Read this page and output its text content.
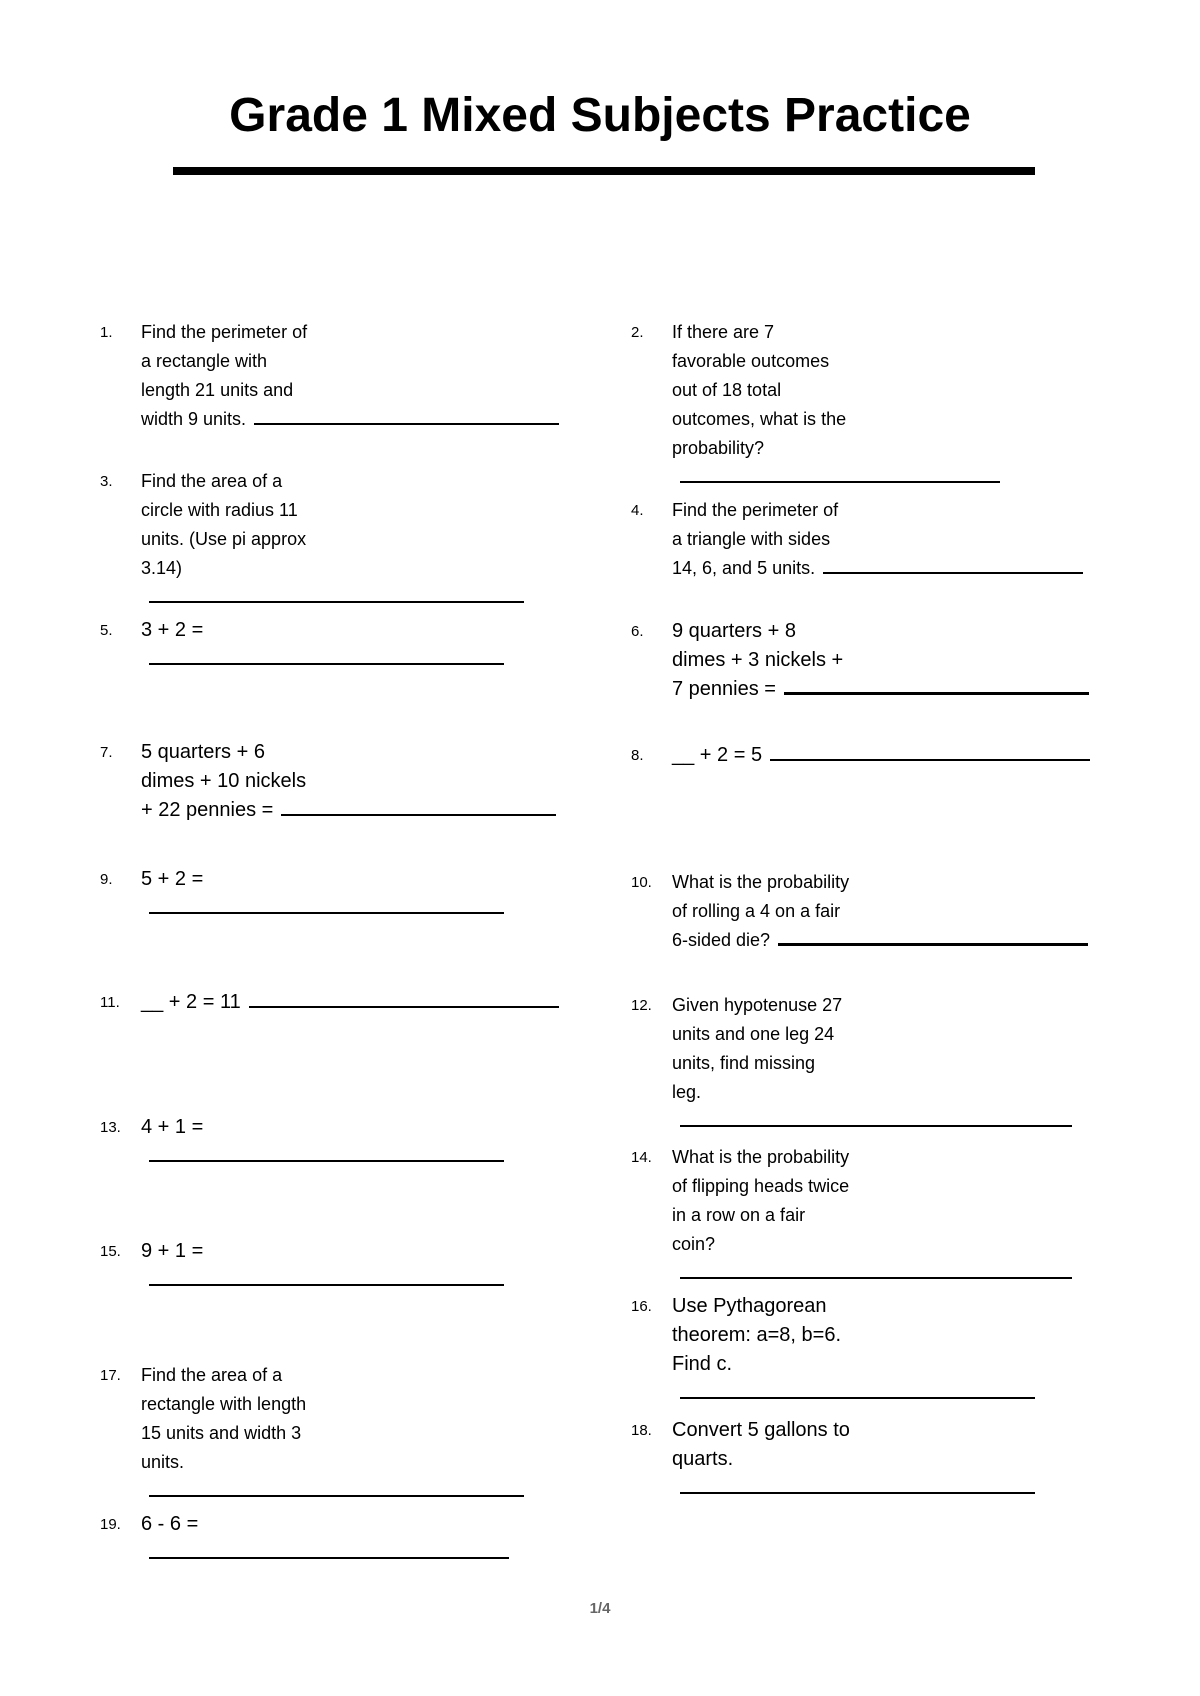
Grade 1 Mixed Subjects Practice
1. Find the perimeter of
a rectangle with
length 21 units and
width 9 units.
2. If there are 7
favorable outcomes
out of 18 total
outcomes, what is the
probability?
3. Find the area of a
circle with radius 11
units. (Use pi approx
3.14)
4. Find the perimeter of
a triangle with sides
14, 6, and 5 units.
5. 3 + 2 =	6. 9 quarters + 8
dimes + 3 nickels +
7 pennies =
7. 5 quarters + 6
dimes + 10 nickels
+ 22 pennies =
8. __ + 2 = 5
9. 5 + 2 =	10. What is the probability
of rolling a 4 on a fair
6-sided die?
11. __ + 2 = 11	12. Given hypotenuse 27
units and one leg 24
units, find missing
leg.
13. 4 + 1 =
14. What is the probability
of flipping heads twice
in a row on a fair
coin?
15. 9 + 1 =
16. Use Pythagorean
theorem: a=8, b=6.
Find c.
17. Find the area of a
rectangle with length
15 units and width 3
units.
18. Convert 5 gallons to
quarts.
19. 6 - 6 =
1/4
